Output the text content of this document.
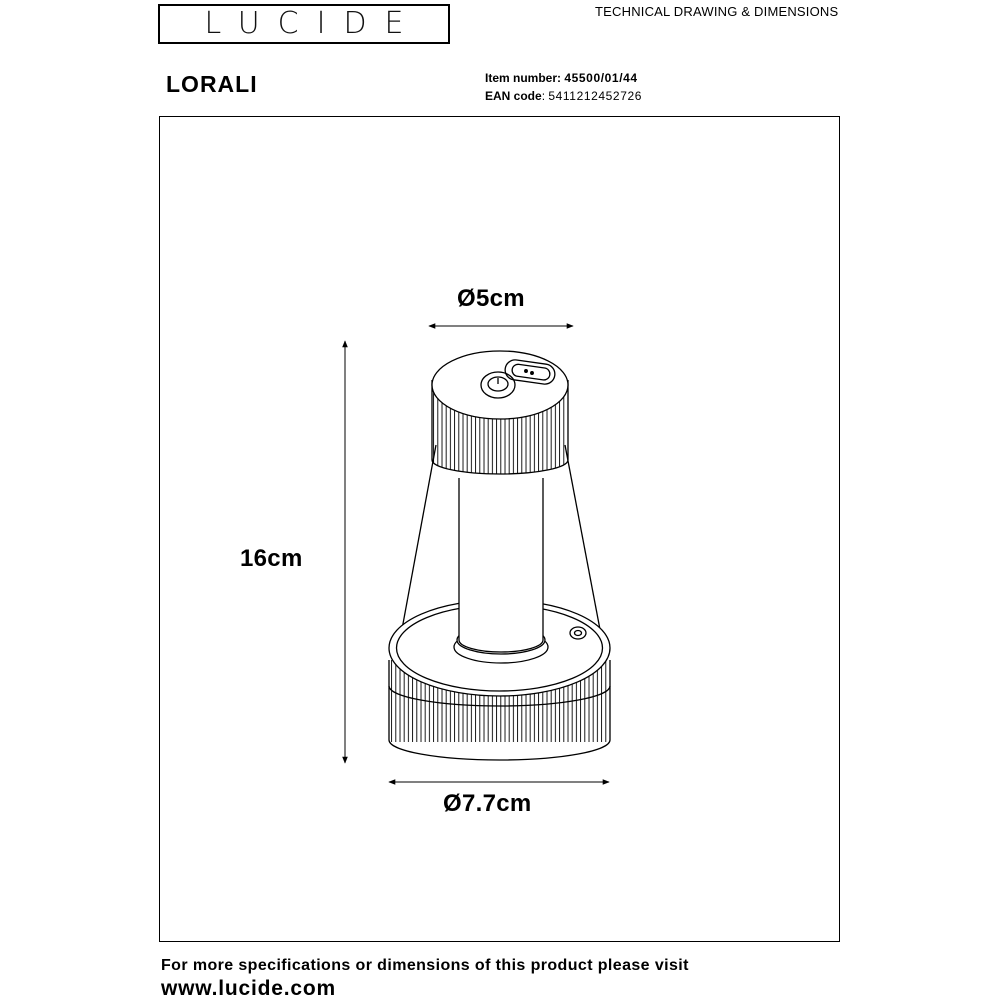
LUCIDE	TECHNICAL DRAWING & DIMENSIONS
LORALI	Item number: 45500/01/44
EAN code: 5411212452726
Ø5cm
16cm
Ø7.7cm
For more specifications or dimensions of this product please visit
www.lucide.com
